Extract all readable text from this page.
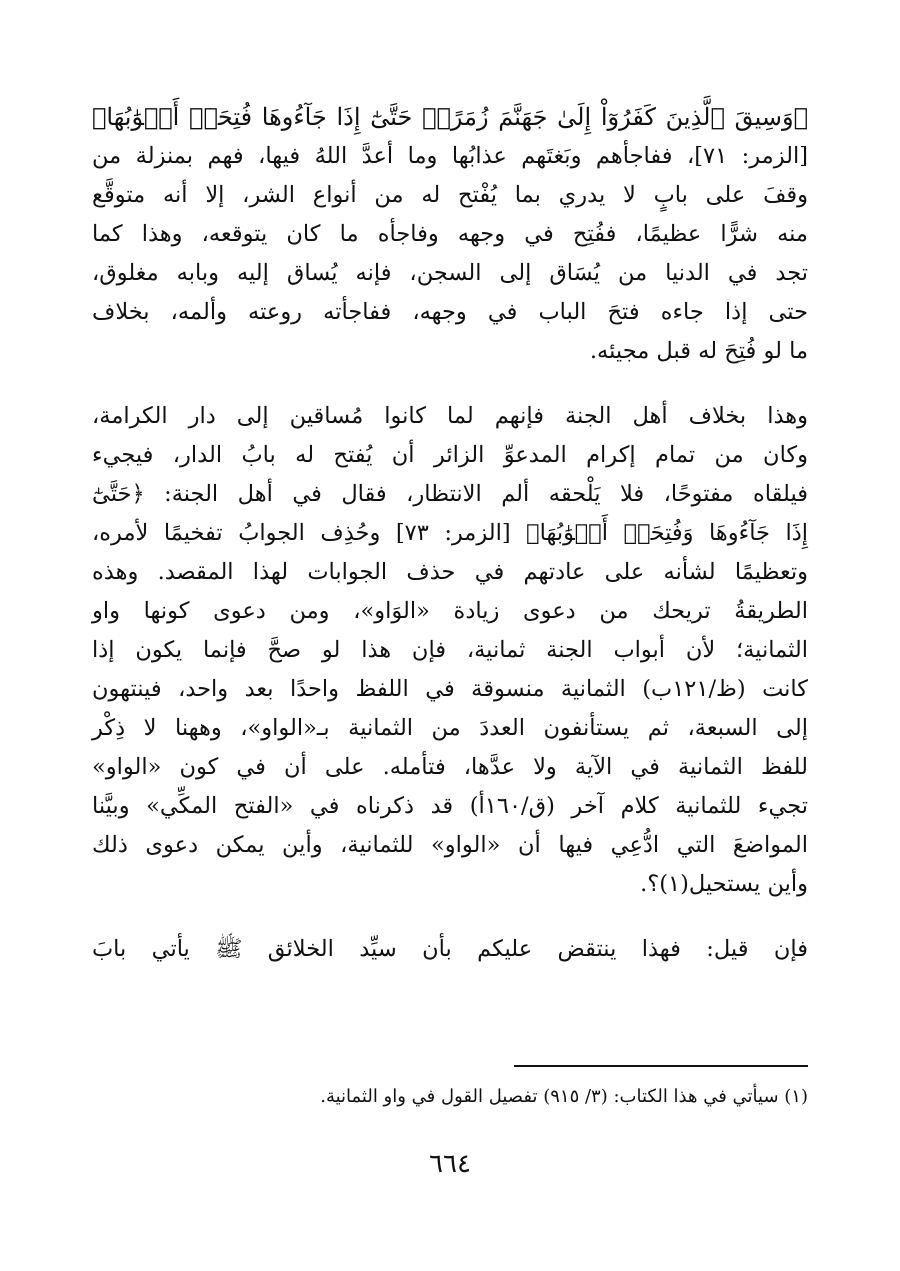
﴿وَسِيقَ ٱلَّذِينَ كَفَرُوٓاْ إِلَىٰ جَهَنَّمَ زُمَرًاۖ حَتَّىٰٓ إِذَا جَآءُوهَا فُتِحَتۡ أَبۡوَٰبُهَا﴾
[الزمر: ٧١]، ففاجأهم وبَغتَهم عذابُها وما أعدَّ اللهُ فيها، فهم بمنزلة من
وقفَ على بابٍ لا يدري بما يُفْتح له من أنواع الشر، إلا أنه متوقَّع
منه شرًّا عظيمًا، ففُتِح في وجهه وفاجأه ما كان يتوقعه، وهذا كما
تجد في الدنيا من يُسَاق إلى السجن، فإنه يُساق إليه وبابه مغلوق،
حتى إذا جاءه فتحَ الباب في وجهه، ففاجأته روعته وألمه، بخلاف
ما لو فُتِحَ له قبل مجيئه.
وهذا بخلاف أهل الجنة فإنهم لما كانوا مُساقين إلى دار الكرامة،
وكان من تمام إكرام المدعوِّ الزائر أن يُفتح له بابُ الدار، فيجيء
فيلقاه مفتوحًا، فلا يَلْحقه ألم الانتظار، فقال في أهل الجنة: ﴿حَتَّىٰٓ
إِذَا جَآءُوهَا وَفُتِحَتۡ أَبۡوَٰبُهَا﴾ [الزمر: ٧٣] وحُذِف الجوابُ تفخيمًا لأمره،
وتعظيمًا لشأنه على عادتهم في حذف الجوابات لهذا المقصد. وهذه
الطريقةُ تريحك من دعوى زيادة «الوَاو»، ومن دعوى كونها واو
الثمانية؛ لأن أبواب الجنة ثمانية، فإن هذا لو صحَّ فإنما يكون إذا
كانت (ظ/١٢١ب) الثمانية منسوقة في اللفظ واحدًا بعد واحد، فينتهون
إلى السبعة، ثم يستأنفون العددَ من الثمانية بـ«الواو»، وههنا لا ذِكْر
للفظ الثمانية في الآية ولا عدَّها، فتأمله. على أن في كون «الواو»
تجيء للثمانية كلام آخر (ق/١٦٠أ) قد ذكرناه في «الفتح المكِّي» وبيَّنا
المواضعَ التي ادُّعِي فيها أن «الواو» للثمانية، وأين يمكن دعوى ذلك
وأين يستحيل(١)؟.
فإن قيل: فهذا ينتقض عليكم بأن سيِّد الخلائق ﷺ يأتي بابَ
(١) سيأتي في هذا الكتاب: (٣/ ٩١٥) تفصيل القول في واو الثمانية.
٦٦٤
